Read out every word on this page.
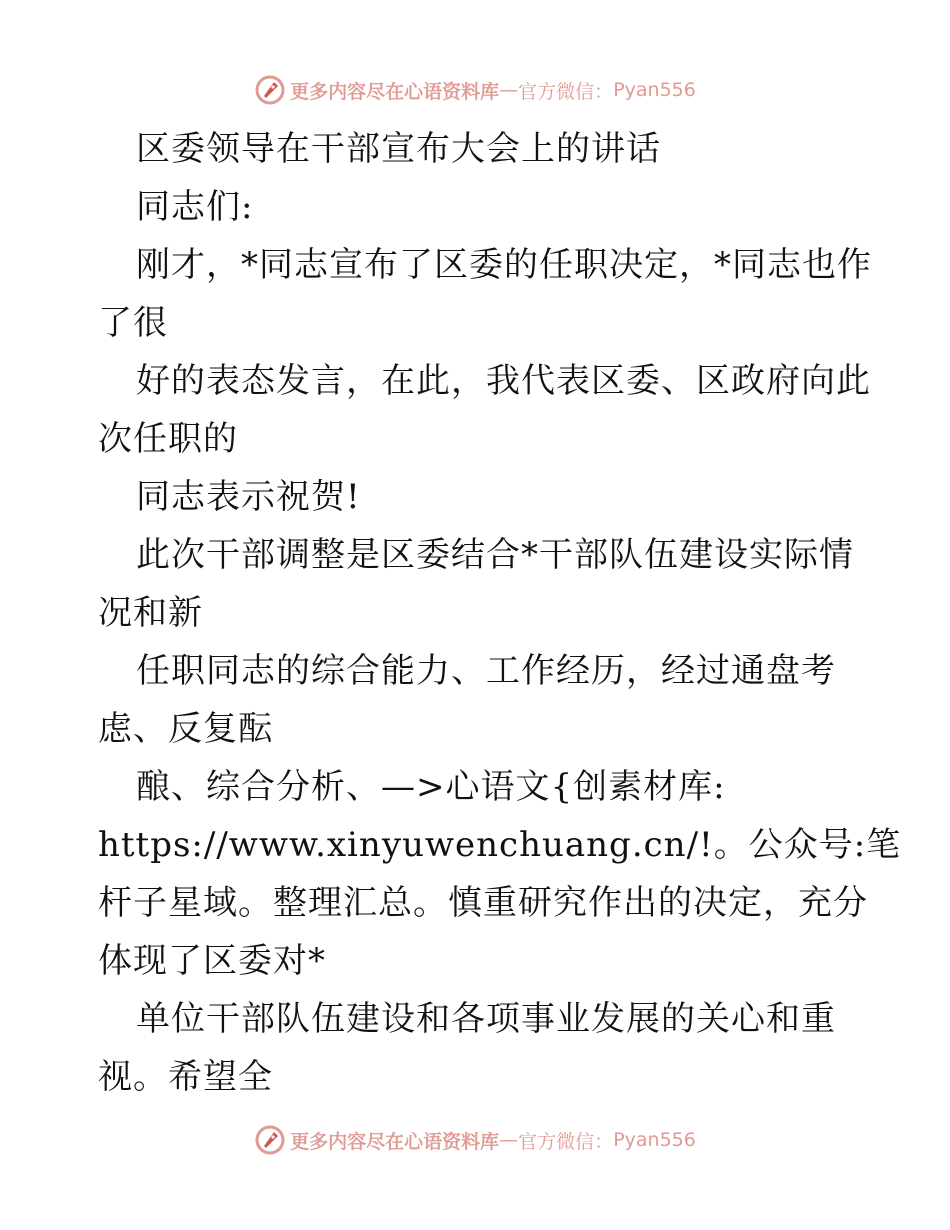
更多内容尽在心语资料库 — 官方微信： Pyan556
区委领导在干部宣布大会上的讲话
同志们:
刚才，*同志宣布了区委的任职决定，*同志也作
了很
好的表态发言，在此，我代表区委、区政府向此
次任职的
同志表示祝贺!
此次干部调整是区委结合*干部队伍建设实际情
况和新
任职同志的综合能力、工作经历，经过通盘考
虑、反复酝
酿、综合分析、—>心语文{创素材库:
https://www.xinyuwenchuang.cn/!。公众号:笔
杆子星域。整理汇总。慎重研究作出的决定，充分
体现了区委对*
单位干部队伍建设和各项事业发展的关心和重
视。希望全
更多内容尽在心语资料库 — 官方微信： Pyan556
